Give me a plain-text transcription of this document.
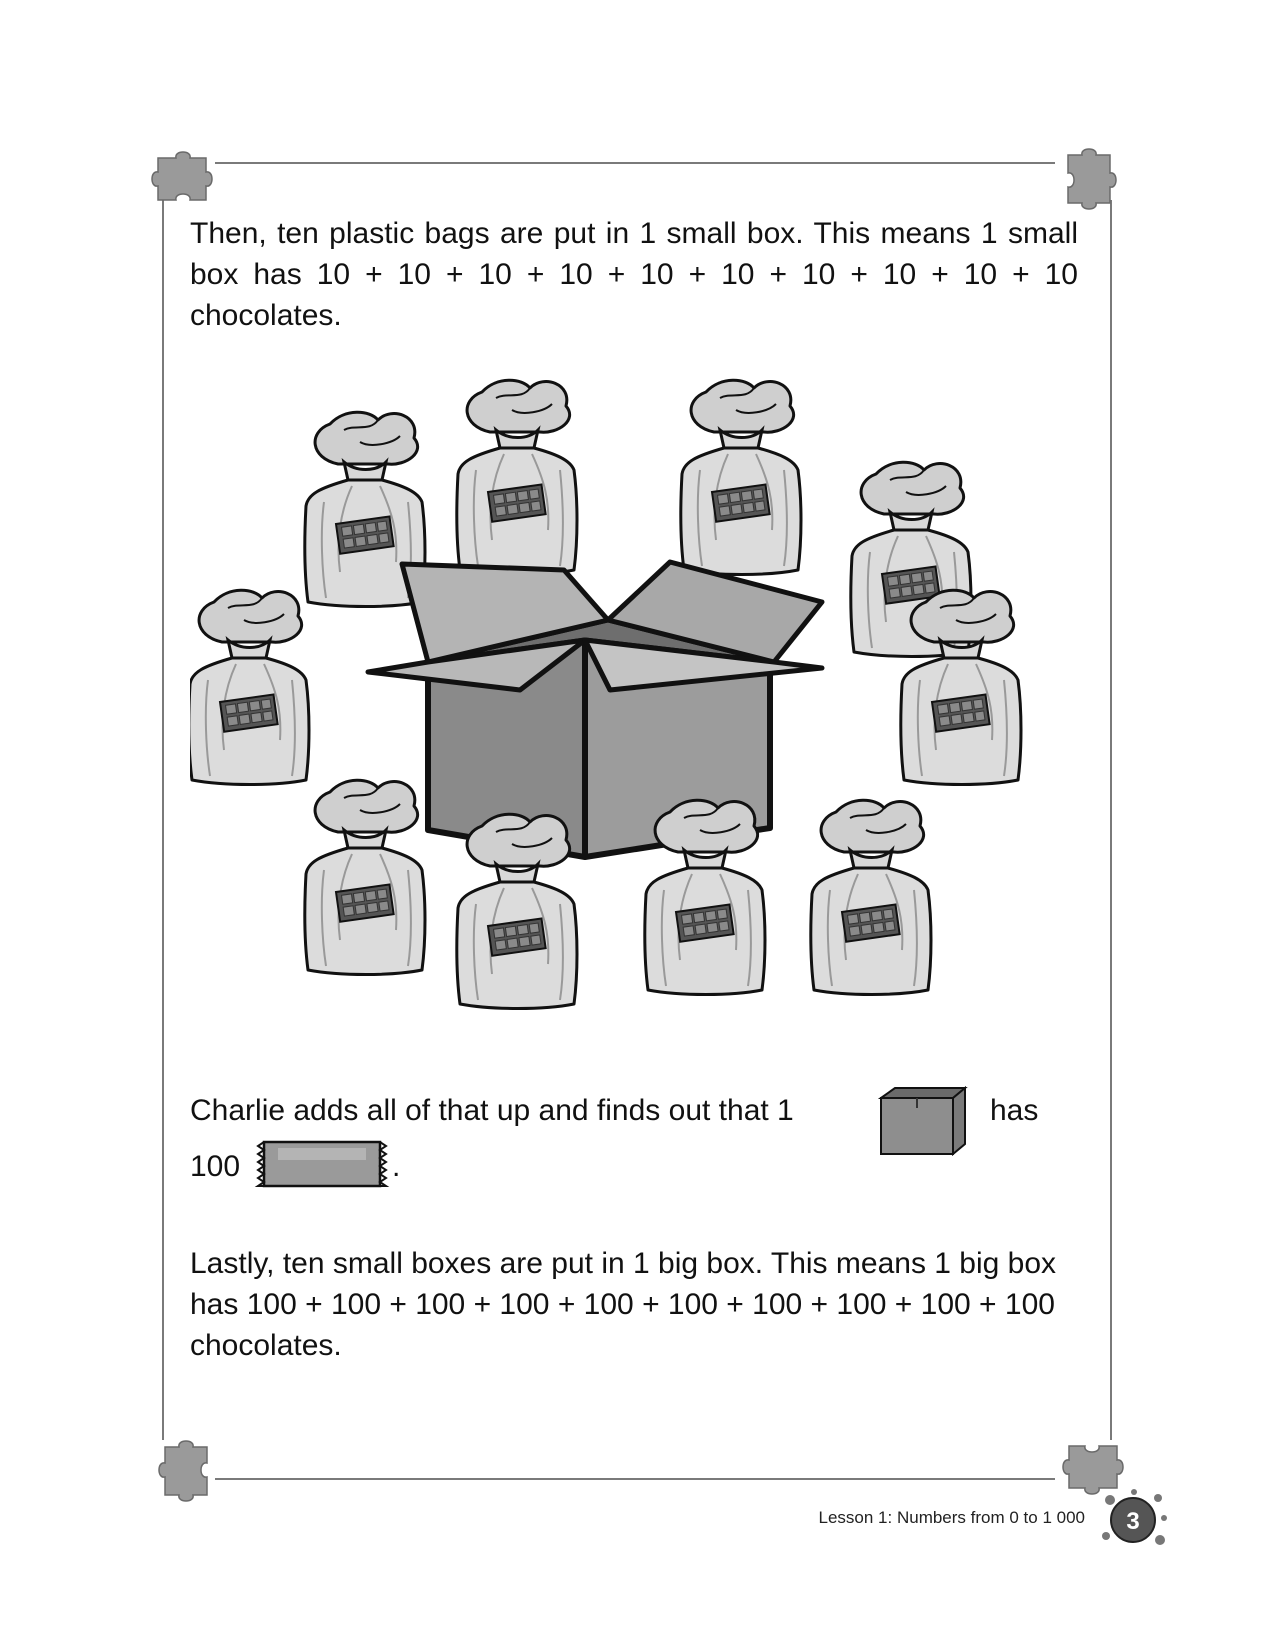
Then, ten plastic bags are put in 1 small box. This means 1 small box has 10 + 10 + 10 + 10 + 10 + 10 + 10 + 10 + 10 + 10 chocolates.
Charlie adds all of that up and finds out that 1	has
100	.
Lastly, ten small boxes are put in 1 big box. This means 1 big box has 100 + 100 + 100 + 100 + 100 + 100 + 100 + 100 + 100 + 100 chocolates.
Lesson 1: Numbers from 0 to 1 000 3
